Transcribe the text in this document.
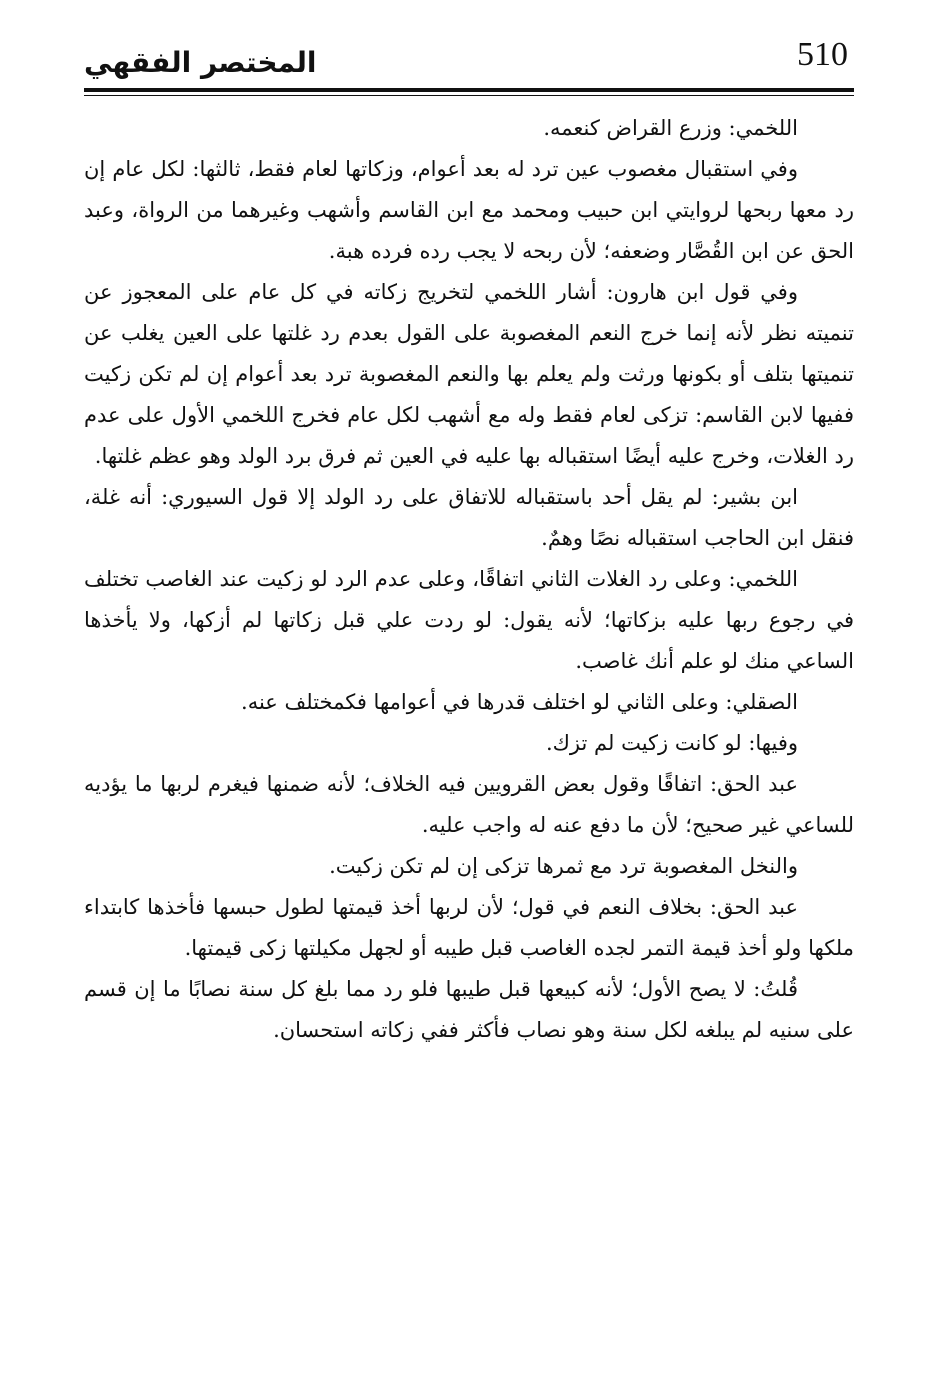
510
المختصر الفقهي

اللخمي: وزرع القراض كنعمه.

وفي استقبال مغصوب عين ترد له بعد أعوام، وزكاتها لعام فقط، ثالثها: لكل عام إن رد معها ربحها لروايتي ابن حبيب ومحمد مع ابن القاسم وأشهب وغيرهما من الرواة، وعبد الحق عن ابن القُصَّار وضعفه؛ لأن ربحه لا يجب رده فرده هبة.

وفي قول ابن هارون: أشار اللخمي لتخريج زكاته في كل عام على المعجوز عن تنميته نظر لأنه إنما خرج النعم المغصوبة على القول بعدم رد غلتها على العين يغلب عن تنميتها بتلف أو بكونها ورثت ولم يعلم بها والنعم المغصوبة ترد بعد أعوام إن لم تكن زكيت ففيها لابن القاسم: تزكى لعام فقط وله مع أشهب لكل عام فخرج اللخمي الأول على عدم رد الغلات، وخرج عليه أيضًا استقباله بها عليه في العين ثم فرق برد الولد وهو عظم غلتها.

ابن بشير: لم يقل أحد باستقباله للاتفاق على رد الولد إلا قول السيوري: أنه غلة، فنقل ابن الحاجب استقباله نصًا وهمٌ.

اللخمي: وعلى رد الغلات الثاني اتفاقًا، وعلى عدم الرد لو زكيت عند الغاصب تختلف في رجوع ربها عليه بزكاتها؛ لأنه يقول: لو ردت علي قبل زكاتها لم أزكها، ولا يأخذها الساعي منك لو علم أنك غاصب.

الصقلي: وعلى الثاني لو اختلف قدرها في أعوامها فكمختلف عنه.

وفيها: لو كانت زكيت لم تزك.

عبد الحق: اتفاقًا وقول بعض القرويين فيه الخلاف؛ لأنه ضمنها فيغرم لربها ما يؤديه للساعي غير صحيح؛ لأن ما دفع عنه له واجب عليه.

والنخل المغصوبة ترد مع ثمرها تزكى إن لم تكن زكيت.

عبد الحق: بخلاف النعم في قول؛ لأن لربها أخذ قيمتها لطول حبسها فأخذها كابتداء ملكها ولو أخذ قيمة التمر لجده الغاصب قبل طيبه أو لجهل مكيلتها زكى قيمتها.

قُلتُ: لا يصح الأول؛ لأنه كبيعها قبل طيبها فلو رد مما بلغ كل سنة نصابًا ما إن قسم على سنيه لم يبلغه لكل سنة وهو نصاب فأكثر ففي زكاته استحسان.
